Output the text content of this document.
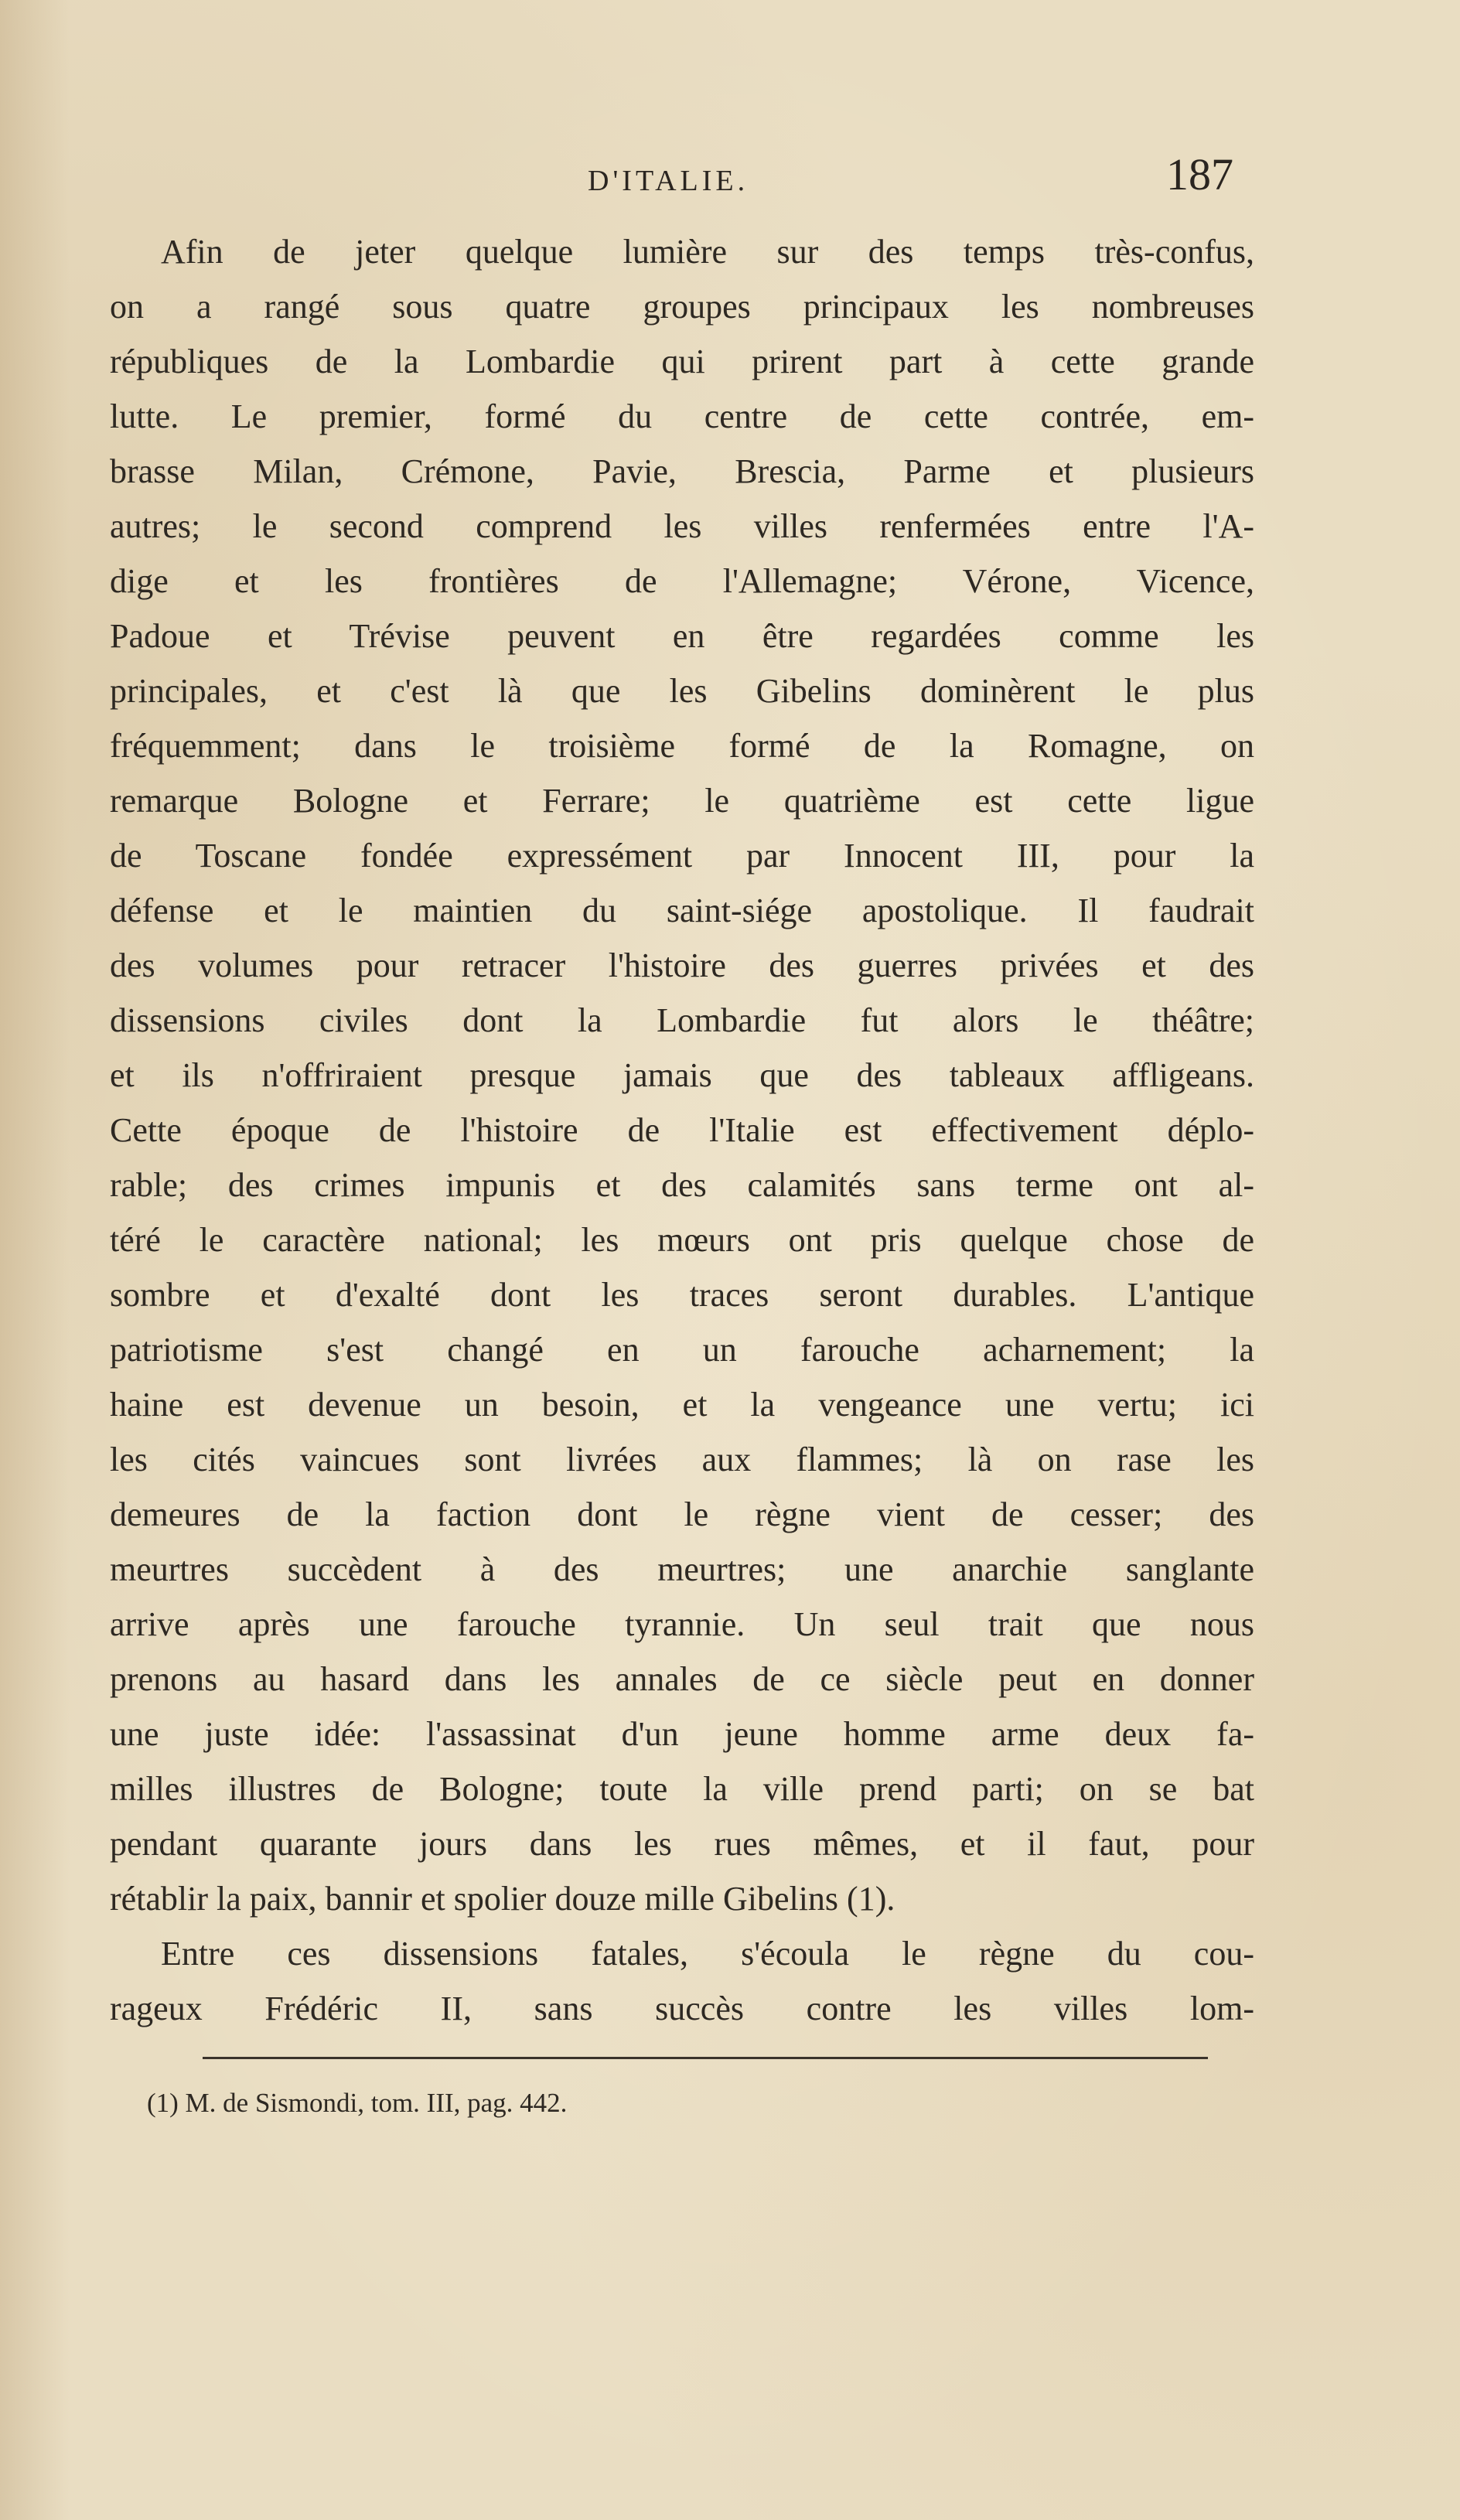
D'ITALIE.	187
Afin de jeter quelque lumière sur des temps très-confus,
on a rangé sous quatre groupes principaux les nombreuses
républiques de la Lombardie qui prirent part à cette grande
lutte. Le premier, formé du centre de cette contrée, em-
brasse Milan, Crémone, Pavie, Brescia, Parme et plusieurs
autres; le second comprend les villes renfermées entre l'A-
dige et les frontières de l'Allemagne; Vérone, Vicence,
Padoue et Trévise peuvent en être regardées comme les
principales, et c'est là que les Gibelins dominèrent le plus
fréquemment; dans le troisième formé de la Romagne, on
remarque Bologne et Ferrare; le quatrième est cette ligue
de Toscane fondée expressément par Innocent III, pour la
défense et le maintien du saint-siége apostolique. Il faudrait
des volumes pour retracer l'histoire des guerres privées et des
dissensions civiles dont la Lombardie fut alors le théâtre;
et ils n'offriraient presque jamais que des tableaux affligeans.
Cette époque de l'histoire de l'Italie est effectivement déplo-
rable; des crimes impunis et des calamités sans terme ont al-
téré le caractère national; les mœurs ont pris quelque chose de
sombre et d'exalté dont les traces seront durables. L'antique
patriotisme s'est changé en un farouche acharnement; la
haine est devenue un besoin, et la vengeance une vertu; ici
les cités vaincues sont livrées aux flammes; là on rase les
demeures de la faction dont le règne vient de cesser; des
meurtres succèdent à des meurtres; une anarchie sanglante
arrive après une farouche tyrannie. Un seul trait que nous
prenons au hasard dans les annales de ce siècle peut en donner
une juste idée: l'assassinat d'un jeune homme arme deux fa-
milles illustres de Bologne; toute la ville prend parti; on se bat
pendant quarante jours dans les rues mêmes, et il faut, pour
rétablir la paix, bannir et spolier douze mille Gibelins (1).
Entre ces dissensions fatales, s'écoula le règne du cou-
rageux Frédéric II, sans succès contre les villes lom-
(1) M. de Sismondi, tom. III, pag. 442.
